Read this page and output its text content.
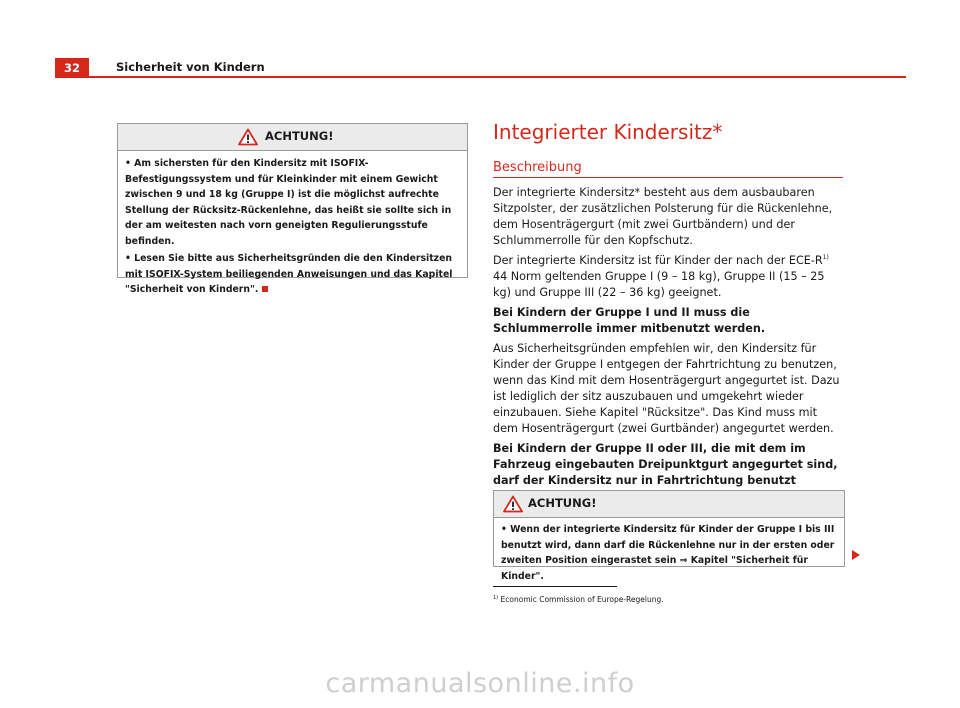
32	Sicherheit von Kindern
ACHTUNG!

• Am sichersten für den Kindersitz mit ISOFIX-Befestigungssystem und für Kleinkinder mit einem Gewicht zwischen 9 und 18 kg (Gruppe I) ist die möglichst aufrechte Stellung der Rücksitz-Rückenlehne, das heißt sie sollte sich in der am weitesten nach vorn geneigten Regulierungsstufe befinden.

• Lesen Sie bitte aus Sicherheitsgründen die den Kindersitzen mit ISOFIX-System beiliegenden Anweisungen und das Kapitel "Sicherheit von Kindern".

Integrierter Kindersitz*
Beschreibung

Der integrierte Kindersitz* besteht aus dem ausbaubaren Sitzpolster, der zusätzlichen Polsterung für die Rückenlehne, dem Hosenträgergurt (mit zwei Gurtbändern) und der Schlummerrolle für den Kopfschutz.

Der integrierte Kindersitz ist für Kinder der nach der ECE-$R^{1)}$ 44 Norm geltenden Gruppe I (9 – 18 kg), Gruppe II (15 – 25 kg) und Gruppe III (22 – 36 kg) geeignet.

Bei Kindern der Gruppe I und II muss die Schlummerrolle immer mitbenutzt werden.

Aus Sicherheitsgründen empfehlen wir, den Kindersitz für Kinder der Gruppe I entgegen der Fahrtrichtung zu benutzen, wenn das Kind mit dem Hosenträgergurt angegurtet ist. Dazu ist lediglich der sitz auszubauen und umgekehrt wieder einzubauen. Siehe Kapitel "Rücksitze". Das Kind muss mit dem Hosenträgergurt (zwei Gurtbänder) angegurtet werden.

Bei Kindern der Gruppe II oder III, die mit dem im Fahrzeug eingebauten Dreipunktgurt angegurtet sind, darf der Kindersitz nur in Fahrtrichtung benutzt

ACHTUNG!

• Wenn der integrierte Kindersitz für Kinder der Gruppe I bis III benutzt wird, dann darf die Rückenlehne nur in der ersten oder zweiten Position eingerastet sein ⇒ Kapitel "Sicherheit für Kinder".

$^{1)}$ Economic Commission of Europe-Regelung.
carmanualsonline.info
